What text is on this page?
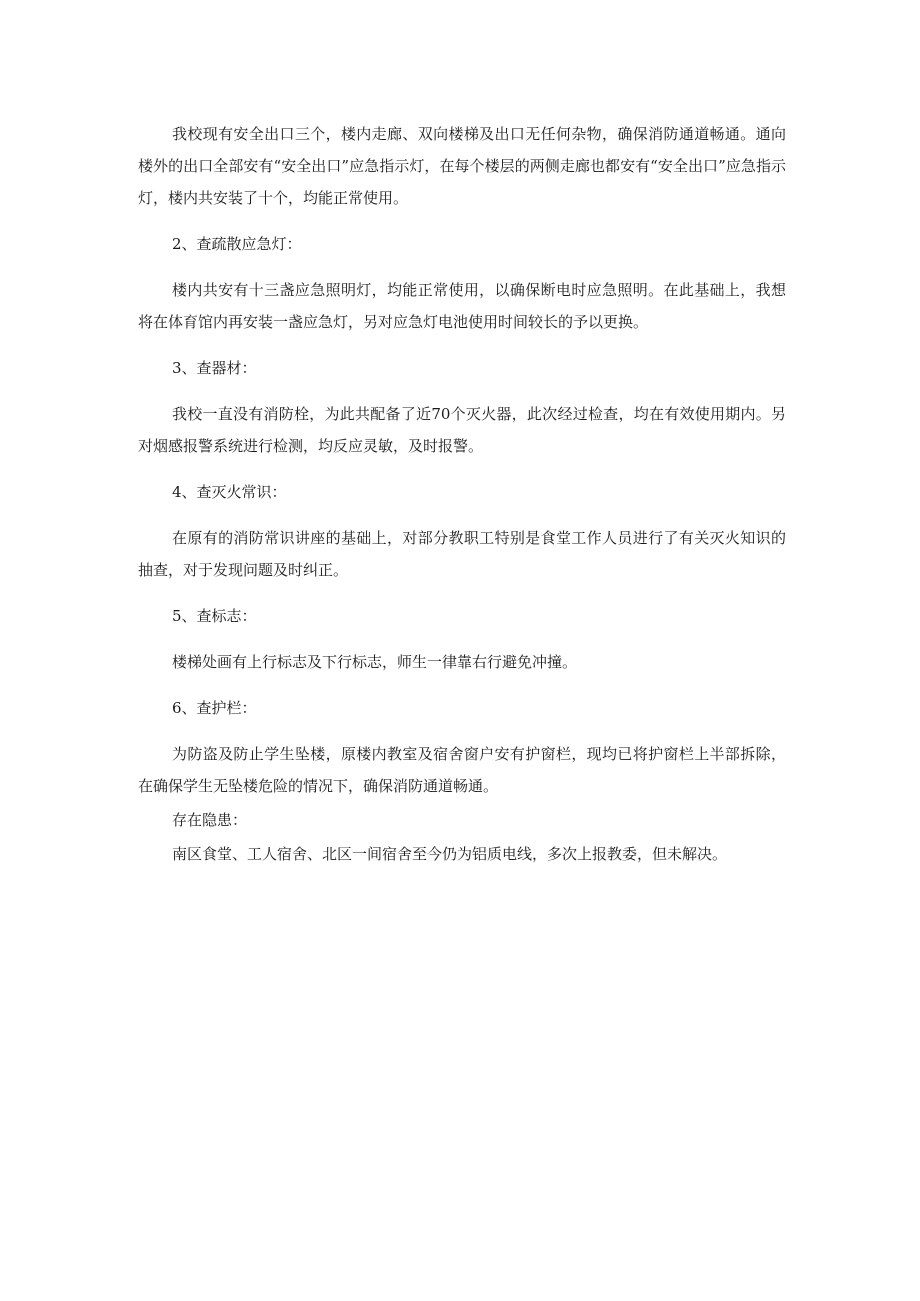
我校现有安全出口三个，楼内走廊、双向楼梯及出口无任何杂物，确保消防通道畅通。通向楼外的出口全部安有“安全出口”应急指示灯，在每个楼层的两侧走廊也都安有“安全出口”应急指示灯，楼内共安装了十个，均能正常使用。

2、查疏散应急灯：

楼内共安有十三盏应急照明灯，均能正常使用，以确保断电时应急照明。在此基础上，我想将在体育馆内再安装一盏应急灯，另对应急灯电池使用时间较长的予以更换。

3、查器材：

我校一直没有消防栓，为此共配备了近70个灭火器，此次经过检查，均在有效使用期内。另对烟感报警系统进行检测，均反应灵敏，及时报警。

4、查灭火常识：

在原有的消防常识讲座的基础上，对部分教职工特别是食堂工作人员进行了有关灭火知识的抽查，对于发现问题及时纠正。

5、查标志：

楼梯处画有上行标志及下行标志，师生一律靠右行避免冲撞。

6、查护栏：

为防盗及防止学生坠楼，原楼内教室及宿舍窗户安有护窗栏，现均已将护窗栏上半部拆除，在确保学生无坠楼危险的情况下，确保消防通道畅通。

存在隐患：

南区食堂、工人宿舍、北区一间宿舍至今仍为铝质电线，多次上报教委，但未解决。
